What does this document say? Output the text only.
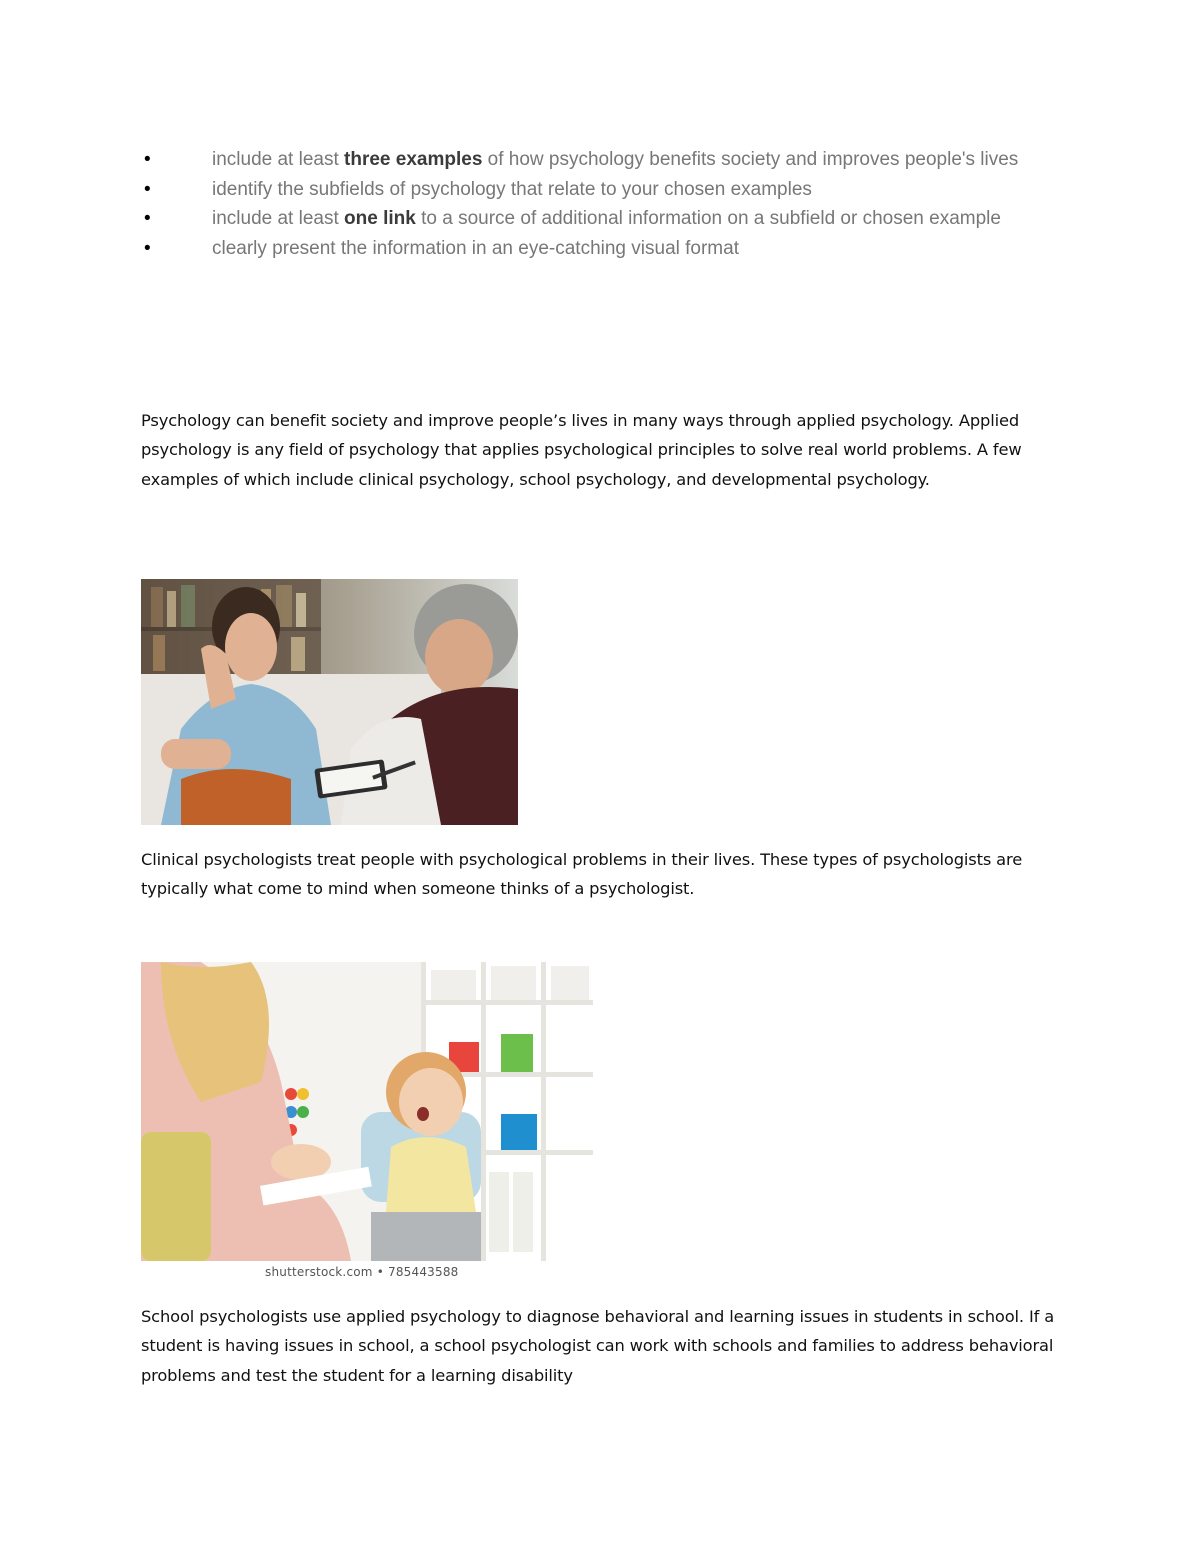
•	include at least three examples of how psychology benefits society and improves people's lives
•	identify the subfields of psychology that relate to your chosen examples
•	include at least one link to a source of additional information on a subfield or chosen example
•	clearly present the information in an eye-catching visual format

Psychology can benefit society and improve people’s lives in many ways through applied psychology. Applied psychology is any field of psychology that applies psychological principles to solve real world problems. A few examples of which include clinical psychology, school psychology, and developmental psychology.

Clinical psychologists treat people with psychological problems in their lives. These types of psychologists are typically what come to mind when someone thinks of a psychologist.

shutterstock.com • 785443588

School psychologists use applied psychology to diagnose behavioral and learning issues in students in school. If a student is having issues in school, a school psychologist can work with schools and families to address behavioral problems and test the student for a learning disability
